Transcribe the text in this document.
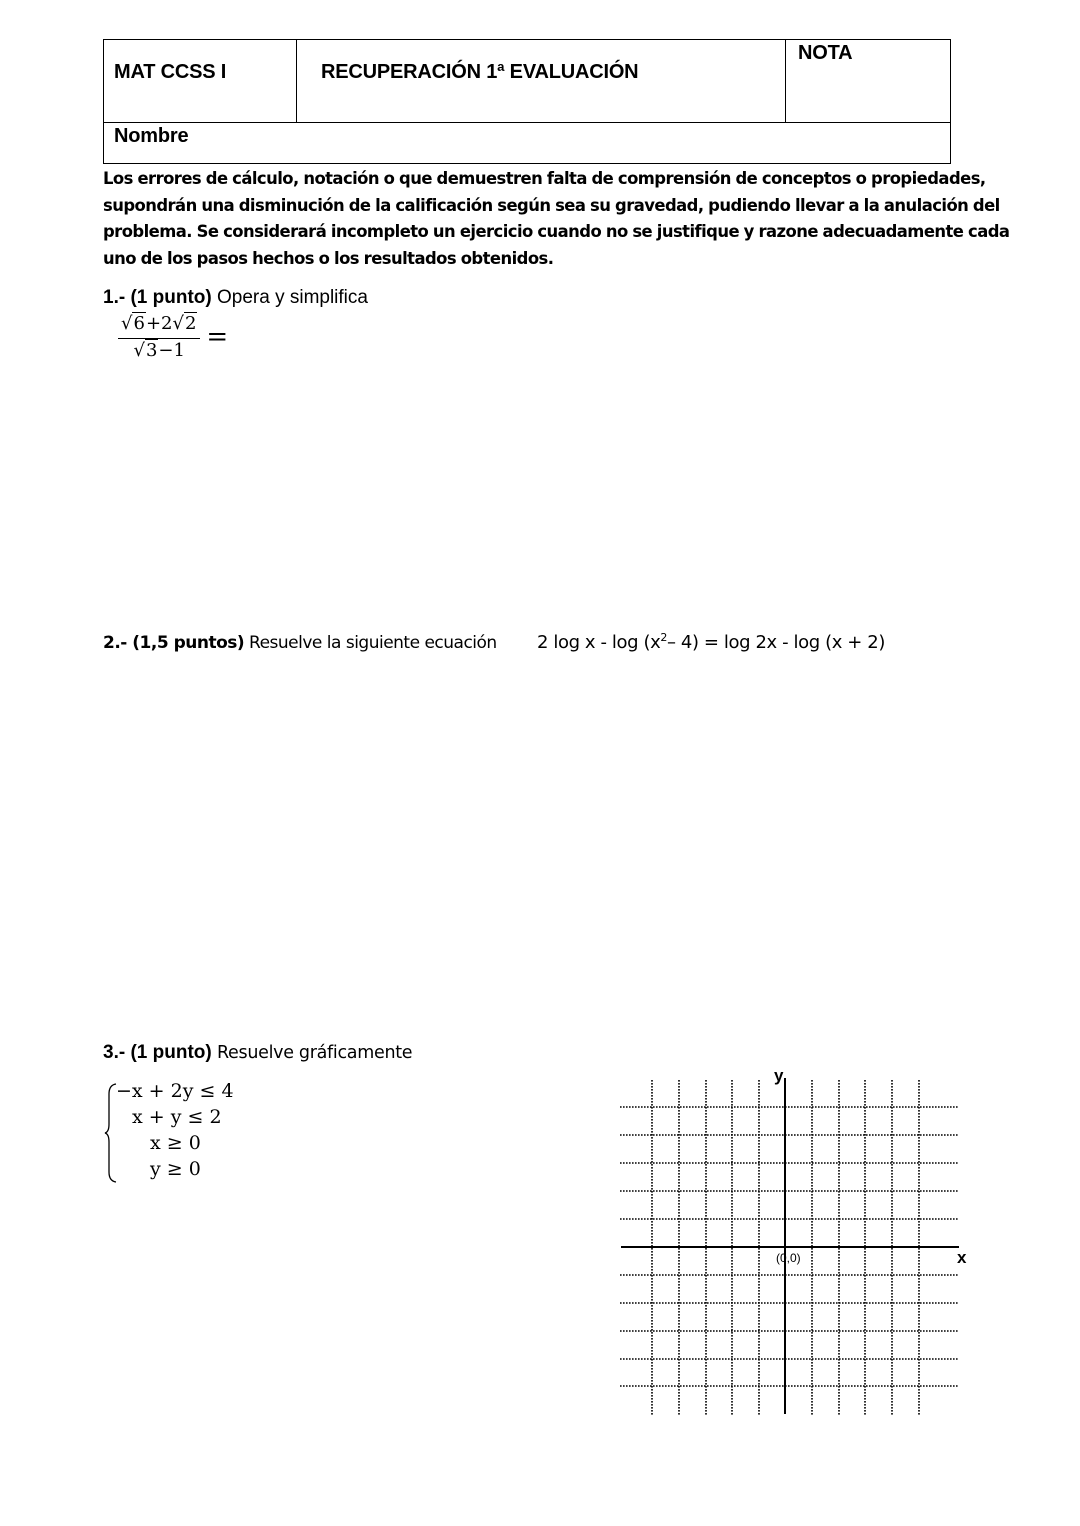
MAT CCSS I	RECUPERACIÓN 1ª EVALUACIÓN
NOTA
Nombre
Los errores de cálculo, notación o que demuestren falta de comprensión de conceptos o propiedades, supondrán una disminución de la calificación según sea su gravedad, pudiendo llevar a la anulación del problema. Se considerará incompleto un ejercicio cuando no se justifique y razone adecuadamente cada uno de los pasos hechos o los resultados obtenidos.
1.- (1 punto) Opera y simplifica
$\frac{√6+2√2}{√3-1}$ =
2.- (1,5 puntos) Resuelve la siguiente ecuación 2 log x - $\log (x^2-$ 4) = log 2x - log (x + 2)
3.- (1 punto) Resuelve gráficamente
−x + 2y ≤ 4
x + y ≤ 2
x ≥ 0
y ≥ 0
y
x
(0,0)
